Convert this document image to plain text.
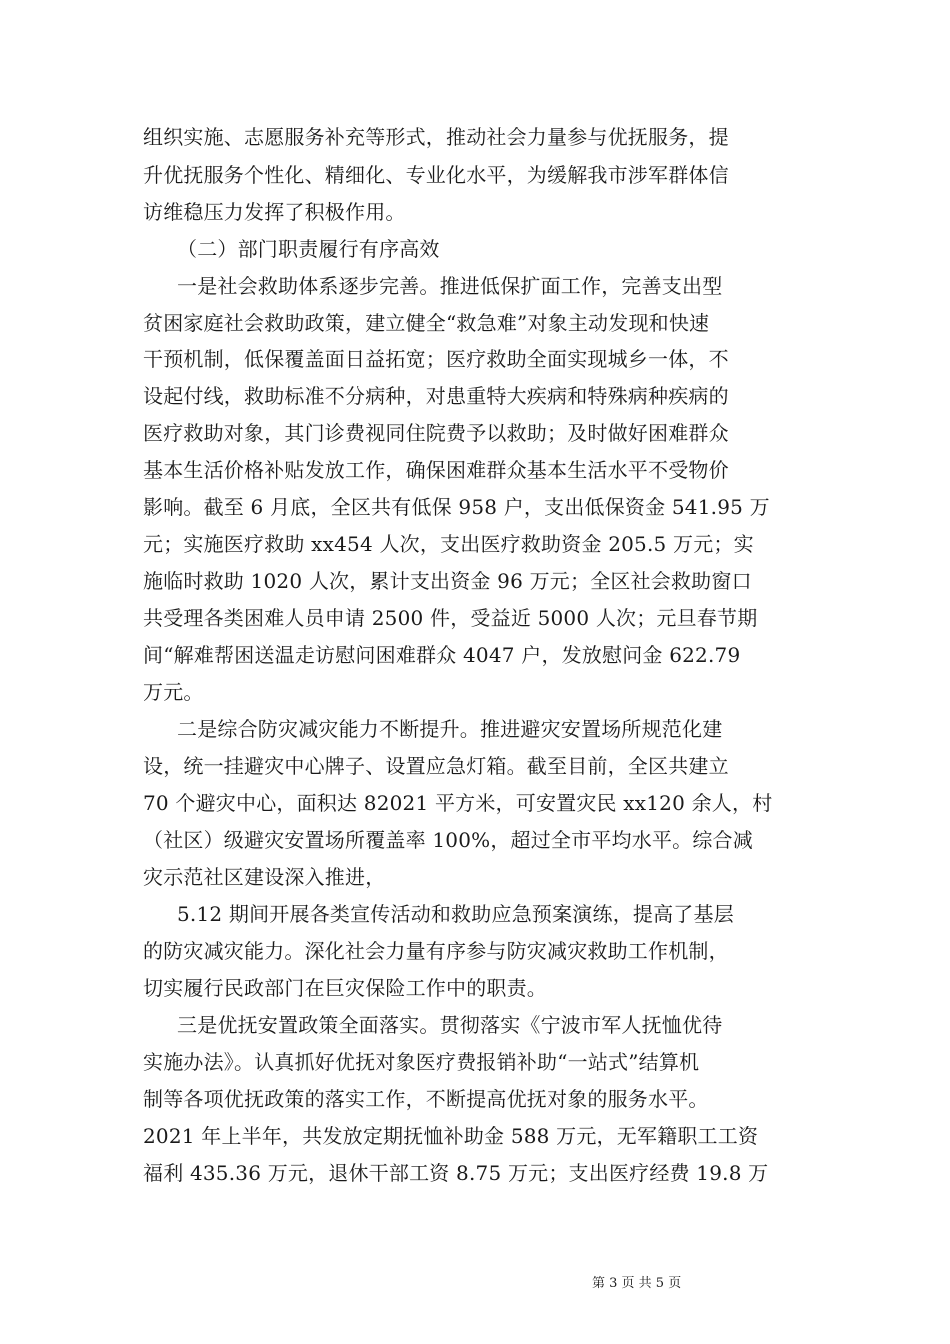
组织实施、志愿服务补充等形式，推动社会力量参与优抚服务，提
升优抚服务个性化、精细化、专业化水平，为缓解我市涉军群体信
访维稳压力发挥了积极作用。
（二）部门职责履行有序高效
一是社会救助体系逐步完善。推进低保扩面工作，完善支出型
贫困家庭社会救助政策，建立健全“救急难”对象主动发现和快速
干预机制，低保覆盖面日益拓宽；医疗救助全面实现城乡一体，不
设起付线，救助标准不分病种，对患重特大疾病和特殊病种疾病的
医疗救助对象，其门诊费视同住院费予以救助；及时做好困难群众
基本生活价格补贴发放工作，确保困难群众基本生活水平不受物价
影响。截至 6 月底，全区共有低保 958 户，支出低保资金 541.95 万
元；实施医疗救助 xx454 人次，支出医疗救助资金 205.5 万元；实
施临时救助 1020 人次，累计支出资金 96 万元；全区社会救助窗口
共受理各类困难人员申请 2500 件，受益近 5000 人次；元旦春节期
间“解难帮困送温走访慰问困难群众 4047 户，发放慰问金 622.79
万元。
二是综合防灾减灾能力不断提升。推进避灾安置场所规范化建
设，统一挂避灾中心牌子、设置应急灯箱。截至目前，全区共建立
70 个避灾中心，面积达 82021 平方米，可安置灾民 xx120 余人，村
（社区）级避灾安置场所覆盖率 100%，超过全市平均水平。综合减
灾示范社区建设深入推进，
5.12 期间开展各类宣传活动和救助应急预案演练，提高了基层
的防灾减灾能力。深化社会力量有序参与防灾减灾救助工作机制，
切实履行民政部门在巨灾保险工作中的职责。
三是优抚安置政策全面落实。贯彻落实《宁波市军人抚恤优待
实施办法》。认真抓好优抚对象医疗费报销补助“一站式”结算机
制等各项优抚政策的落实工作，不断提高优抚对象的服务水平。
2021 年上半年，共发放定期抚恤补助金 588 万元，无军籍职工工资
福利 435.36 万元，退休干部工资 8.75 万元；支出医疗经费 19.8 万
第 3 页 共 5 页
